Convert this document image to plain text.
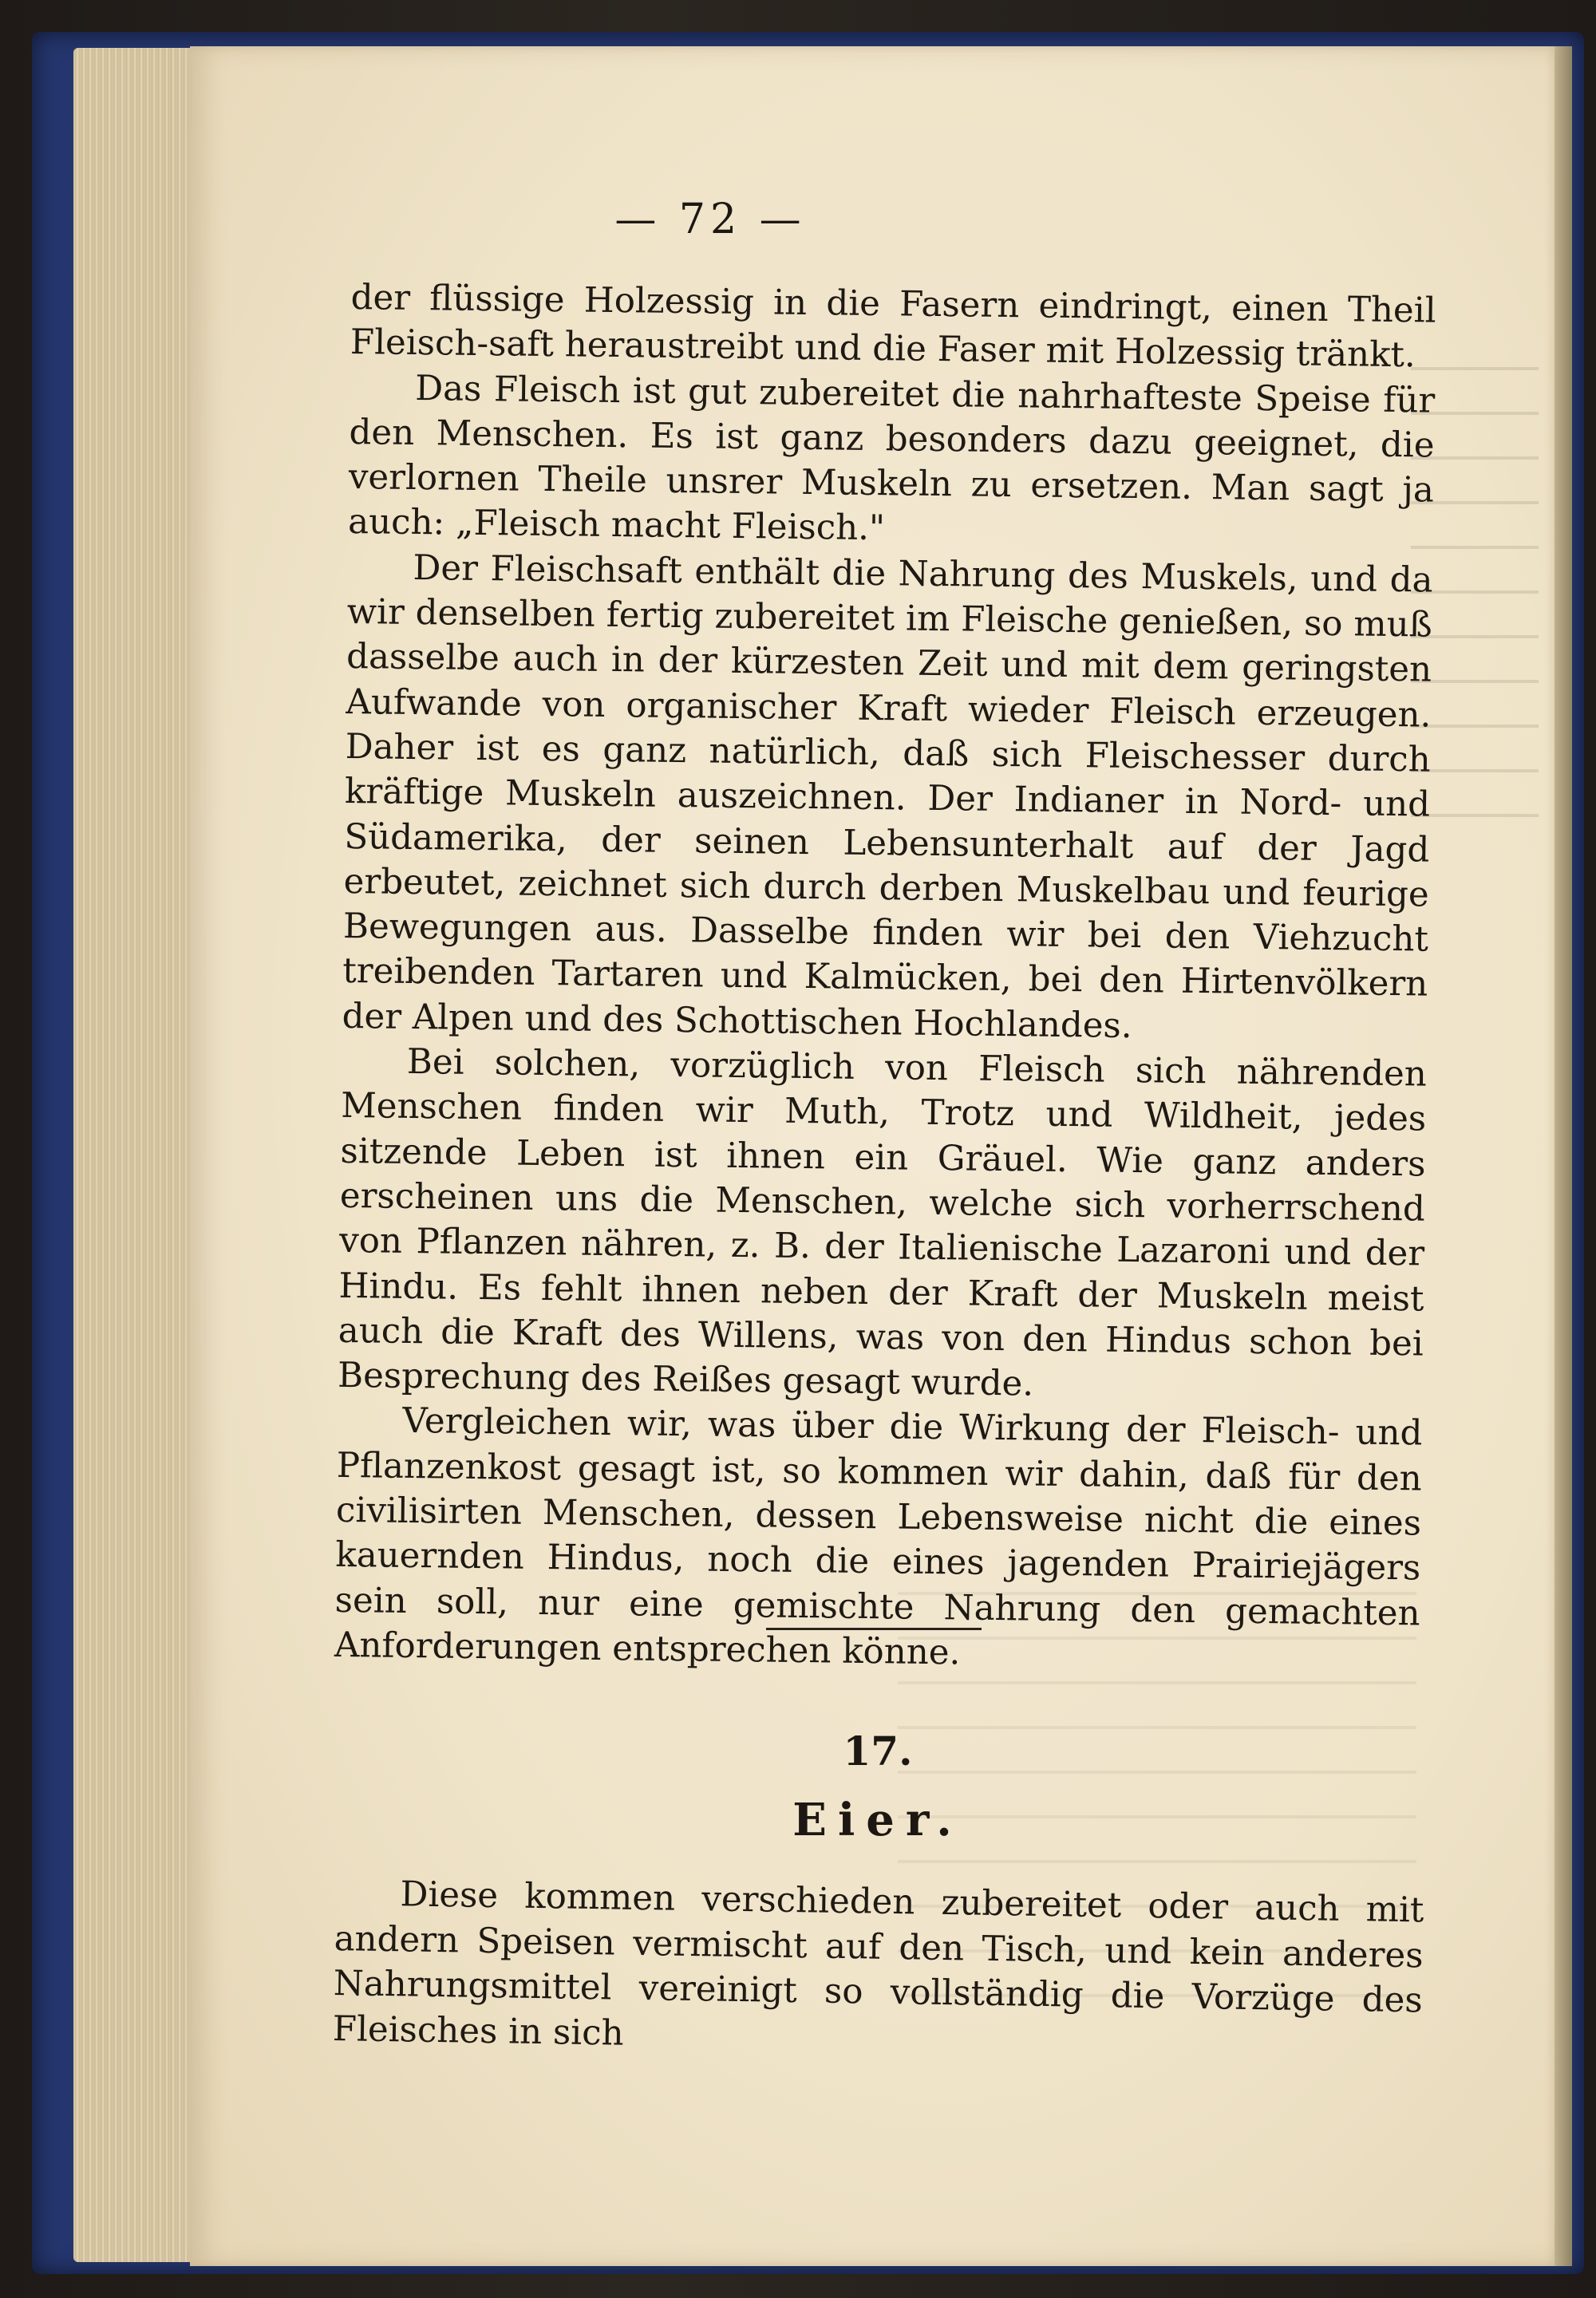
— 72 —

der flüssige Holzessig in die Fasern eindringt, einen Theil Fleisch-saft heraustreibt und die Faser mit Holzessig tränkt.

Das Fleisch ist gut zubereitet die nahrhafteste Speise für den Menschen. Es ist ganz besonders dazu geeignet, die verlornen Theile unsrer Muskeln zu ersetzen. Man sagt ja auch: „Fleisch macht Fleisch."

Der Fleischsaft enthält die Nahrung des Muskels, und da wir denselben fertig zubereitet im Fleische genießen, so muß dasselbe auch in der kürzesten Zeit und mit dem geringsten Aufwande von organischer Kraft wieder Fleisch erzeugen. Daher ist es ganz natürlich, daß sich Fleischesser durch kräftige Muskeln auszeichnen. Der Indianer in Nord- und Südamerika, der seinen Lebensunterhalt auf der Jagd erbeutet, zeichnet sich durch derben Muskelbau und feurige Bewegungen aus. Dasselbe finden wir bei den Viehzucht treibenden Tartaren und Kalmücken, bei den Hirtenvölkern der Alpen und des Schottischen Hochlandes.

Bei solchen, vorzüglich von Fleisch sich nährenden Menschen finden wir Muth, Trotz und Wildheit, jedes sitzende Leben ist ihnen ein Gräuel. Wie ganz anders erscheinen uns die Menschen, welche sich vorherrschend von Pflanzen nähren, z. B. der Italienische Lazaroni und der Hindu. Es fehlt ihnen neben der Kraft der Muskeln meist auch die Kraft des Willens, was von den Hindus schon bei Besprechung des Reißes gesagt wurde.

Vergleichen wir, was über die Wirkung der Fleisch- und Pflanzenkost gesagt ist, so kommen wir dahin, daß für den civilisirten Menschen, dessen Lebensweise nicht die eines kauernden Hindus, noch die eines jagenden Prairiejägers sein soll, nur eine gemischte Nahrung den gemachten Anforderungen entsprechen könne.

17.
Eier.

Diese kommen verschieden zubereitet oder auch mit andern Speisen vermischt auf den Tisch, und kein anderes Nahrungsmittel vereinigt so vollständig die Vorzüge des Fleisches in sich
